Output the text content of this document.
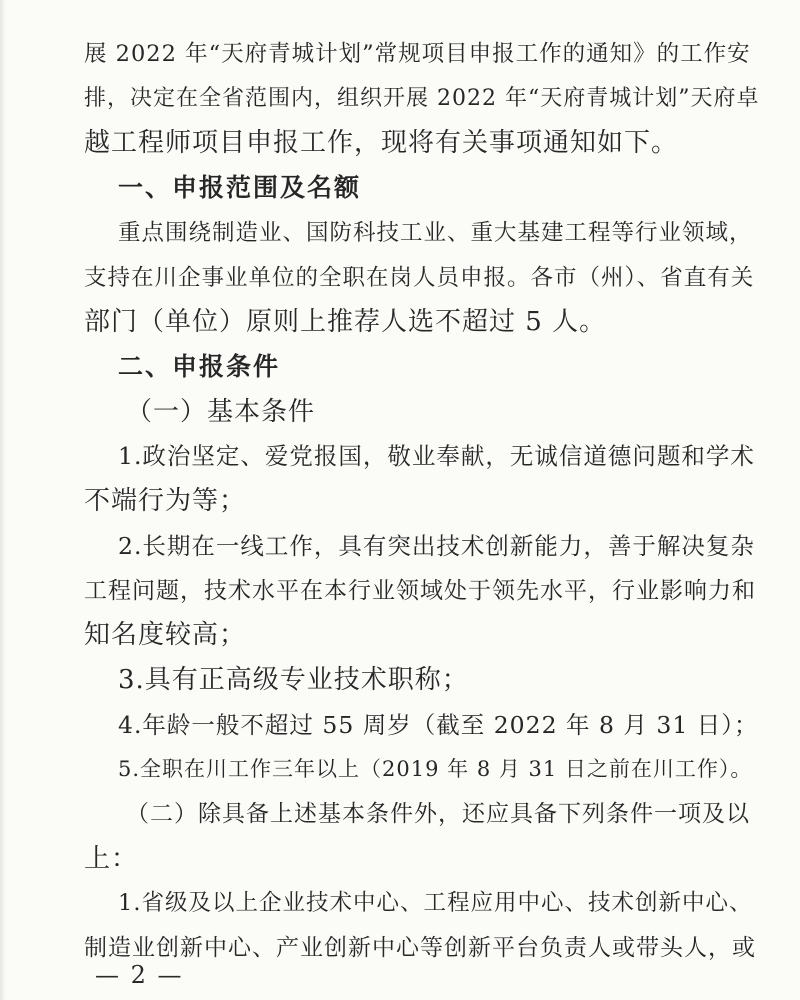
展 2022 年“天府青城计划”常规项目申报工作的通知》的工作安
排，决定在全省范围内，组织开展 2022 年“天府青城计划”天府卓
越工程师项目申报工作，现将有关事项通知如下。
一、申报范围及名额
重点围绕制造业、国防科技工业、重大基建工程等行业领域，
支持在川企事业单位的全职在岗人员申报。各市（州）、省直有关
部门（单位）原则上推荐人选不超过 5 人。
二、申报条件
（一）基本条件
1.政治坚定、爱党报国，敬业奉献，无诚信道德问题和学术
不端行为等；
2.长期在一线工作，具有突出技术创新能力，善于解决复杂
工程问题，技术水平在本行业领域处于领先水平，行业影响力和
知名度较高；
3.具有正高级专业技术职称；
4.年龄一般不超过 55 周岁（截至 2022 年 8 月 31 日）；
5.全职在川工作三年以上（2019 年 8 月 31 日之前在川工作）。
（二）除具备上述基本条件外，还应具备下列条件一项及以
上：
1.省级及以上企业技术中心、工程应用中心、技术创新中心、
制造业创新中心、产业创新中心等创新平台负责人或带头人，或
— 2 —
